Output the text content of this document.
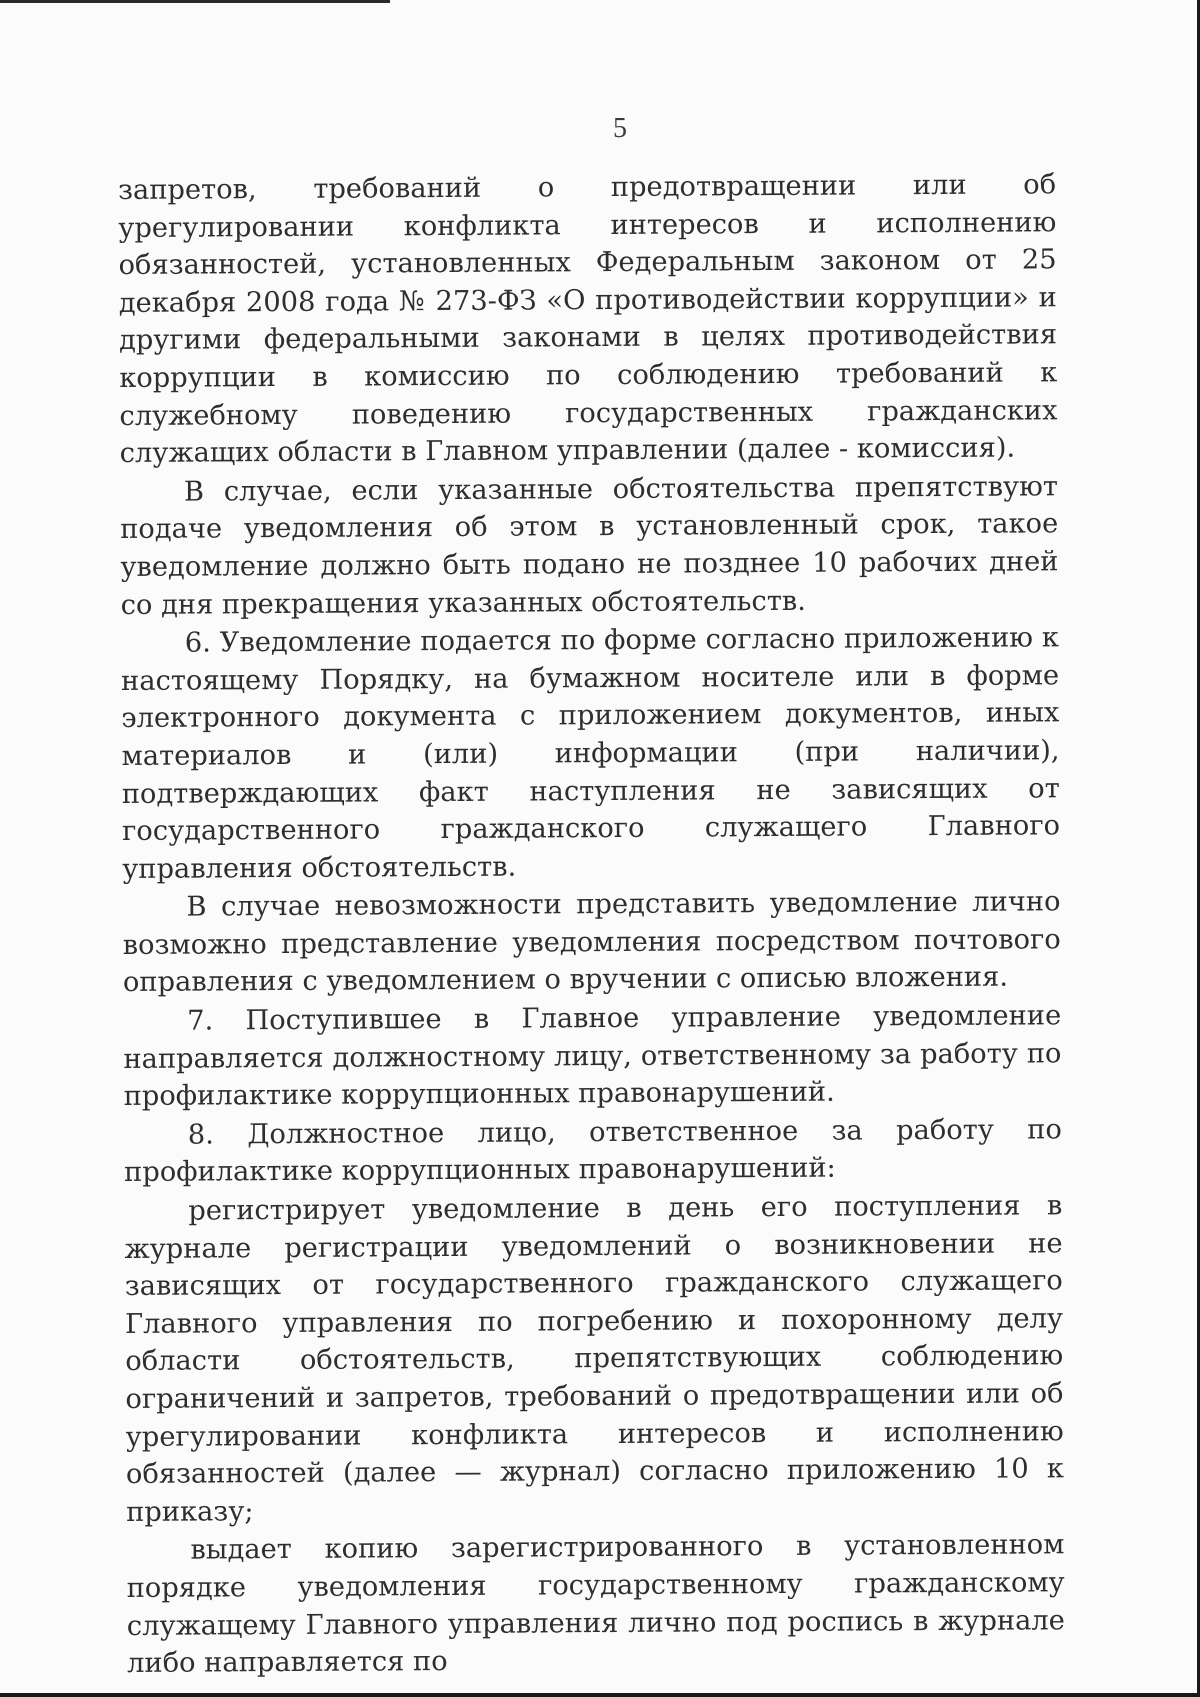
5

запретов, требований о предотвращении или об урегулировании конфликта интересов и исполнению обязанностей, установленных Федеральным законом от 25 декабря 2008 года № 273-ФЗ «О противодействии коррупции» и другими федеральными законами в целях противодействия коррупции в комиссию по соблюдению требований к служебному поведению государственных гражданских служащих области в Главном управлении (далее - комиссия).

В случае, если указанные обстоятельства препятствуют подаче уведомления об этом в установленный срок, такое уведомление должно быть подано не позднее 10 рабочих дней со дня прекращения указанных обстоятельств.

6. Уведомление подается по форме согласно приложению к настоящему Порядку, на бумажном носителе или в форме электронного документа с приложением документов, иных материалов и (или) информации (при наличии), подтверждающих факт наступления не зависящих от государственного гражданского служащего Главного управления обстоятельств.

В случае невозможности представить уведомление лично возможно представление уведомления посредством почтового оправления с уведомлением о вручении с описью вложения.

7. Поступившее в Главное управление уведомление направляется должностному лицу, ответственному за работу по профилактике коррупционных правонарушений.

8. Должностное лицо, ответственное за работу по профилактике коррупционных правонарушений:

регистрирует уведомление в день его поступления в журнале регистрации уведомлений о возникновении не зависящих от государственного гражданского служащего Главного управления по погребению и похоронному делу области обстоятельств, препятствующих соблюдению ограничений и запретов, требований о предотвращении или об урегулировании конфликта интересов и исполнению обязанностей (далее — журнал) согласно приложению 10 к приказу;

выдает копию зарегистрированного в установленном порядке уведомления государственному гражданскому служащему Главного управления лично под роспись в журнале либо направляется по
